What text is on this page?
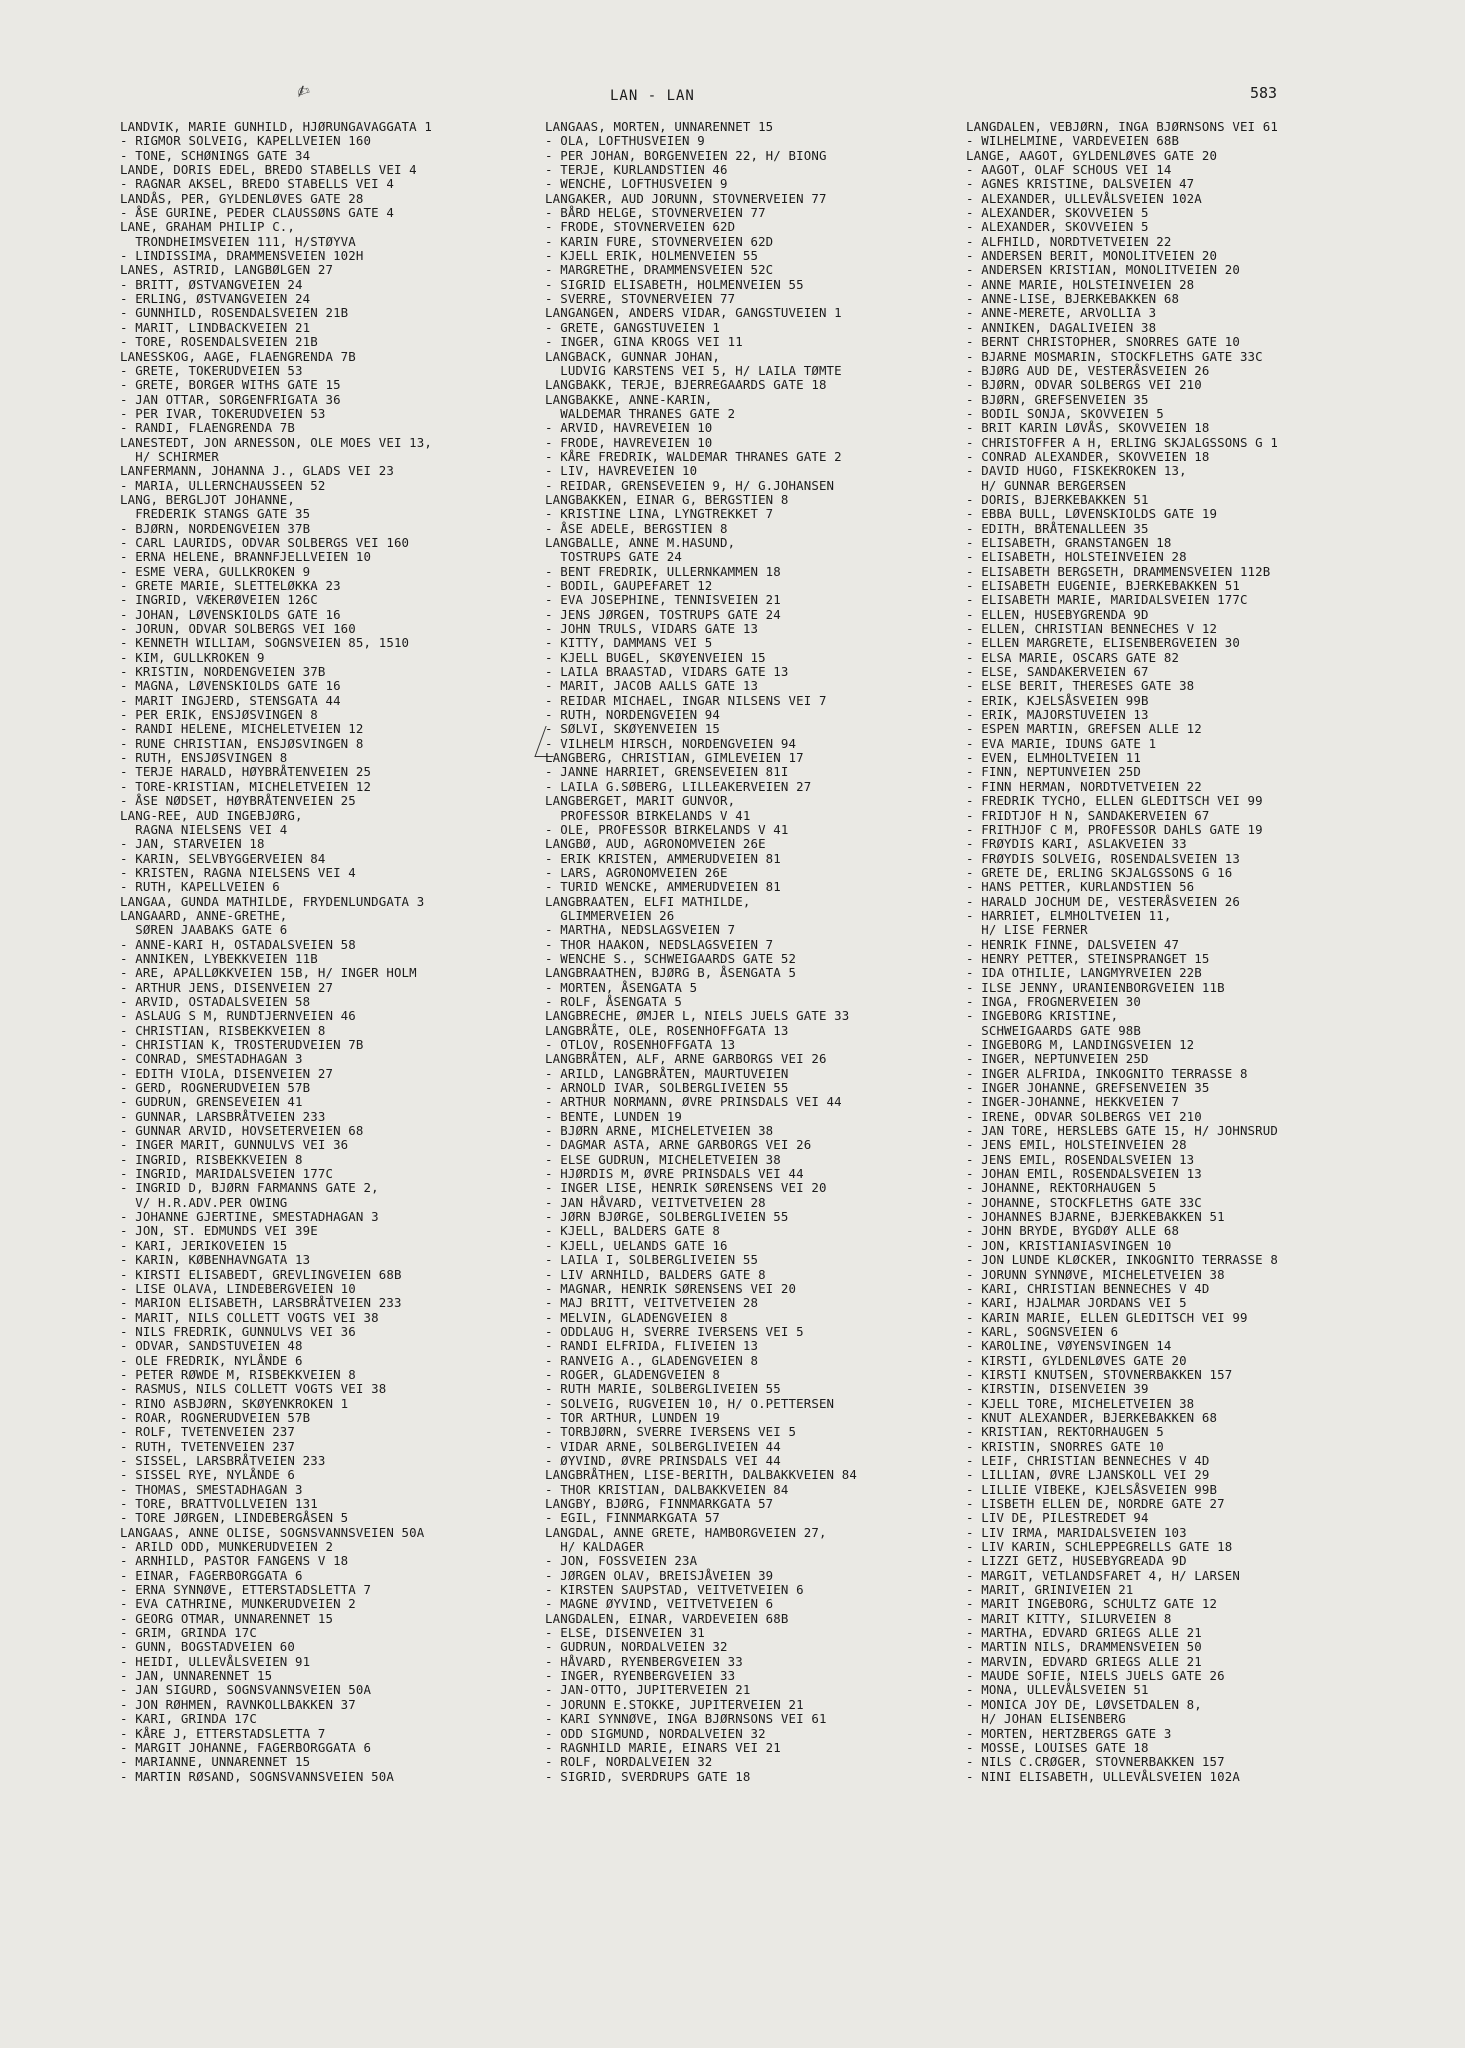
✍	LAN - LAN	583
LANDVIK, MARIE GUNHILD, HJØRUNGAVAGGATA 1
- RIGMOR SOLVEIG, KAPELLVEIEN 160
- TONE, SCHØNINGS GATE 34
LANDE, DORIS EDEL, BREDO STABELLS VEI 4
- RAGNAR AKSEL, BREDO STABELLS VEI 4
LANDÅS, PER, GYLDENLØVES GATE 28
- ÅSE GURINE, PEDER CLAUSSØNS GATE 4
LANE, GRAHAM PHILIP C.,
TRONDHEIMSVEIEN 111, H/STØYVA
- LINDISSIMA, DRAMMENSVEIEN 102H
LANES, ASTRID, LANGBØLGEN 27
- BRITT, ØSTVANGVEIEN 24
- ERLING, ØSTVANGVEIEN 24
- GUNNHILD, ROSENDALSVEIEN 21B
- MARIT, LINDBACKVEIEN 21
- TORE, ROSENDALSVEIEN 21B
LANESSKOG, AAGE, FLAENGRENDA 7B
- GRETE, TOKERUDVEIEN 53
- GRETE, BORGER WITHS GATE 15
- JAN OTTAR, SORGENFRIGATA 36
- PER IVAR, TOKERUDVEIEN 53
- RANDI, FLAENGRENDA 7B
LANESTEDT, JON ARNESSON, OLE MOES VEI 13,
H/ SCHIRMER
LANFERMANN, JOHANNA J., GLADS VEI 23
- MARIA, ULLERNCHAUSSEEN 52
LANG, BERGLJOT JOHANNE,
FREDERIK STANGS GATE 35
- BJØRN, NORDENGVEIEN 37B
- CARL LAURIDS, ODVAR SOLBERGS VEI 160
- ERNA HELENE, BRANNFJELLVEIEN 10
- ESME VERA, GULLKROKEN 9
- GRETE MARIE, SLETTELØKKA 23
- INGRID, VÆKERØVEIEN 126C
- JOHAN, LØVENSKIOLDS GATE 16
- JORUN, ODVAR SOLBERGS VEI 160
- KENNETH WILLIAM, SOGNSVEIEN 85, 1510
- KIM, GULLKROKEN 9
- KRISTIN, NORDENGVEIEN 37B
- MAGNA, LØVENSKIOLDS GATE 16
- MARIT INGJERD, STENSGATA 44
- PER ERIK, ENSJØSVINGEN 8
- RANDI HELENE, MICHELETVEIEN 12
- RUNE CHRISTIAN, ENSJØSVINGEN 8
- RUTH, ENSJØSVINGEN 8
- TERJE HARALD, HØYBRÅTENVEIEN 25
- TORE-KRISTIAN, MICHELETVEIEN 12
- ÅSE NØDSET, HØYBRÅTENVEIEN 25
LANG-REE, AUD INGEBJØRG,
RAGNA NIELSENS VEI 4
- JAN, STARVEIEN 18
- KARIN, SELVBYGGERVEIEN 84
- KRISTEN, RAGNA NIELSENS VEI 4
- RUTH, KAPELLVEIEN 6
LANGAA, GUNDA MATHILDE, FRYDENLUNDGATA 3
LANGAARD, ANNE-GRETHE,
SØREN JAABAKS GATE 6
- ANNE-KARI H, OSTADALSVEIEN 58
- ANNIKEN, LYBEKKVEIEN 11B
- ARE, APALLØKKVEIEN 15B, H/ INGER HOLM
- ARTHUR JENS, DISENVEIEN 27
- ARVID, OSTADALSVEIEN 58
- ASLAUG S M, RUNDTJERNVEIEN 46
- CHRISTIAN, RISBEKKVEIEN 8
- CHRISTIAN K, TROSTERUDVEIEN 7B
- CONRAD, SMESTADHAGAN 3
- EDITH VIOLA, DISENVEIEN 27
- GERD, ROGNERUDVEIEN 57B
- GUDRUN, GRENSEVEIEN 41
- GUNNAR, LARSBRÅTVEIEN 233
- GUNNAR ARVID, HOVSETERVEIEN 68
- INGER MARIT, GUNNULVS VEI 36
- INGRID, RISBEKKVEIEN 8
- INGRID, MARIDALSVEIEN 177C
- INGRID D, BJØRN FARMANNS GATE 2,
V/ H.R.ADV.PER OWING
- JOHANNE GJERTINE, SMESTADHAGAN 3
- JON, ST. EDMUNDS VEI 39E
- KARI, JERIKOVEIEN 15
- KARIN, KØBENHAVNGATA 13
- KIRSTI ELISABEDT, GREVLINGVEIEN 68B
- LISE OLAVA, LINDEBERGVEIEN 10
- MARION ELISABETH, LARSBRÅTVEIEN 233
- MARIT, NILS COLLETT VOGTS VEI 38
- NILS FREDRIK, GUNNULVS VEI 36
- ODVAR, SANDSTUVEIEN 48
- OLE FREDRIK, NYLÅNDE 6
- PETER RØWDE M, RISBEKKVEIEN 8
- RASMUS, NILS COLLETT VOGTS VEI 38
- RINO ASBJØRN, SKØYENKROKEN 1
- ROAR, ROGNERUDVEIEN 57B
- ROLF, TVETENVEIEN 237
- RUTH, TVETENVEIEN 237
- SISSEL, LARSBRÅTVEIEN 233
- SISSEL RYE, NYLÅNDE 6
- THOMAS, SMESTADHAGAN 3
- TORE, BRATTVOLLVEIEN 131
- TORE JØRGEN, LINDEBERGÅSEN 5
LANGAAS, ANNE OLISE, SOGNSVANNSVEIEN 50A
- ARILD ODD, MUNKERUDVEIEN 2
- ARNHILD, PASTOR FANGENS V 18
- EINAR, FAGERBORGGATA 6
- ERNA SYNNØVE, ETTERSTADSLETTA 7
- EVA CATHRINE, MUNKERUDVEIEN 2
- GEORG OTMAR, UNNARENNET 15
- GRIM, GRINDA 17C
- GUNN, BOGSTADVEIEN 60
- HEIDI, ULLEVÅLSVEIEN 91
- JAN, UNNARENNET 15
- JAN SIGURD, SOGNSVANNSVEIEN 50A
- JON RØHMEN, RAVNKOLLBAKKEN 37
- KARI, GRINDA 17C
- KÅRE J, ETTERSTADSLETTA 7
- MARGIT JOHANNE, FAGERBORGGATA 6
- MARIANNE, UNNARENNET 15
- MARTIN RØSAND, SOGNSVANNSVEIEN 50A
LANGAAS, MORTEN, UNNARENNET 15
- OLA, LOFTHUSVEIEN 9
- PER JOHAN, BORGENVEIEN 22, H/ BIONG
- TERJE, KURLANDSTIEN 46
- WENCHE, LOFTHUSVEIEN 9
LANGAKER, AUD JORUNN, STOVNERVEIEN 77
- BÅRD HELGE, STOVNERVEIEN 77
- FRODE, STOVNERVEIEN 62D
- KARIN FURE, STOVNERVEIEN 62D
- KJELL ERIK, HOLMENVEIEN 55
- MARGRETHE, DRAMMENSVEIEN 52C
- SIGRID ELISABETH, HOLMENVEIEN 55
- SVERRE, STOVNERVEIEN 77
LANGANGEN, ANDERS VIDAR, GANGSTUVEIEN 1
- GRETE, GANGSTUVEIEN 1
- INGER, GINA KROGS VEI 11
LANGBACK, GUNNAR JOHAN,
LUDVIG KARSTENS VEI 5, H/ LAILA TØMTE
LANGBAKK, TERJE, BJERREGAARDS GATE 18
LANGBAKKE, ANNE-KARIN,
WALDEMAR THRANES GATE 2
- ARVID, HAVREVEIEN 10
- FRODE, HAVREVEIEN 10
- KÅRE FREDRIK, WALDEMAR THRANES GATE 2
- LIV, HAVREVEIEN 10
- REIDAR, GRENSEVEIEN 9, H/ G.JOHANSEN
LANGBAKKEN, EINAR G, BERGSTIEN 8
- KRISTINE LINA, LYNGTREKKET 7
- ÅSE ADELE, BERGSTIEN 8
LANGBALLE, ANNE M.HASUND,
TOSTRUPS GATE 24
- BENT FREDRIK, ULLERNKAMMEN 18
- BODIL, GAUPEFARET 12
- EVA JOSEPHINE, TENNISVEIEN 21
- JENS JØRGEN, TOSTRUPS GATE 24
- JOHN TRULS, VIDARS GATE 13
- KITTY, DAMMANS VEI 5
- KJELL BUGEL, SKØYENVEIEN 15
- LAILA BRAASTAD, VIDARS GATE 13
- MARIT, JACOB AALLS GATE 13
- REIDAR MICHAEL, INGAR NILSENS VEI 7
- RUTH, NORDENGVEIEN 94
- SØLVI, SKØYENVEIEN 15
- VILHELM HIRSCH, NORDENGVEIEN 94
LANGBERG, CHRISTIAN, GIMLEVEIEN 17
- JANNE HARRIET, GRENSEVEIEN 81I
- LAILA G.SØBERG, LILLEAKERVEIEN 27
LANGBERGET, MARIT GUNVOR,
PROFESSOR BIRKELANDS V 41
- OLE, PROFESSOR BIRKELANDS V 41
LANGBØ, AUD, AGRONOMVEIEN 26E
- ERIK KRISTEN, AMMERUDVEIEN 81
- LARS, AGRONOMVEIEN 26E
- TURID WENCKE, AMMERUDVEIEN 81
LANGBRAATEN, ELFI MATHILDE,
GLIMMERVEIEN 26
- MARTHA, NEDSLAGSVEIEN 7
- THOR HAAKON, NEDSLAGSVEIEN 7
- WENCHE S., SCHWEIGAARDS GATE 52
LANGBRAATHEN, BJØRG B, ÅSENGATA 5
- MORTEN, ÅSENGATA 5
- ROLF, ÅSENGATA 5
LANGBRECHE, ØMJER L, NIELS JUELS GATE 33
LANGBRÅTE, OLE, ROSENHOFFGATA 13
- OTLOV, ROSENHOFFGATA 13
LANGBRÅTEN, ALF, ARNE GARBORGS VEI 26
- ARILD, LANGBRÅTEN, MAURTUVEIEN
- ARNOLD IVAR, SOLBERGLIVEIEN 55
- ARTHUR NORMANN, ØVRE PRINSDALS VEI 44
- BENTE, LUNDEN 19
- BJØRN ARNE, MICHELETVEIEN 38
- DAGMAR ASTA, ARNE GARBORGS VEI 26
- ELSE GUDRUN, MICHELETVEIEN 38
- HJØRDIS M, ØVRE PRINSDALS VEI 44
- INGER LISE, HENRIK SØRENSENS VEI 20
- JAN HÅVARD, VEITVETVEIEN 28
- JØRN BJØRGE, SOLBERGLIVEIEN 55
- KJELL, BALDERS GATE 8
- KJELL, UELANDS GATE 16
- LAILA I, SOLBERGLIVEIEN 55
- LIV ARNHILD, BALDERS GATE 8
- MAGNAR, HENRIK SØRENSENS VEI 20
- MAJ BRITT, VEITVETVEIEN 28
- MELVIN, GLADENGVEIEN 8
- ODDLAUG H, SVERRE IVERSENS VEI 5
- RANDI ELFRIDA, FLIVEIEN 13
- RANVEIG A., GLADENGVEIEN 8
- ROGER, GLADENGVEIEN 8
- RUTH MARIE, SOLBERGLIVEIEN 55
- SOLVEIG, RUGVEIEN 10, H/ O.PETTERSEN
- TOR ARTHUR, LUNDEN 19
- TORBJØRN, SVERRE IVERSENS VEI 5
- VIDAR ARNE, SOLBERGLIVEIEN 44
- ØYVIND, ØVRE PRINSDALS VEI 44
LANGBRÅTHEN, LISE-BERITH, DALBAKKVEIEN 84
- THOR KRISTIAN, DALBAKKVEIEN 84
LANGBY, BJØRG, FINNMARKGATA 57
- EGIL, FINNMARKGATA 57
LANGDAL, ANNE GRETE, HAMBORGVEIEN 27,
H/ KALDAGER
- JON, FOSSVEIEN 23A
- JØRGEN OLAV, BREISJÅVEIEN 39
- KIRSTEN SAUPSTAD, VEITVETVEIEN 6
- MAGNE ØYVIND, VEITVETVEIEN 6
LANGDALEN, EINAR, VARDEVEIEN 68B
- ELSE, DISENVEIEN 31
- GUDRUN, NORDALVEIEN 32
- HÅVARD, RYENBERGVEIEN 33
- INGER, RYENBERGVEIEN 33
- JAN-OTTO, JUPITERVEIEN 21
- JORUNN E.STOKKE, JUPITERVEIEN 21
- KARI SYNNØVE, INGA BJØRNSONS VEI 61
- ODD SIGMUND, NORDALVEIEN 32
- RAGNHILD MARIE, EINARS VEI 21
- ROLF, NORDALVEIEN 32
- SIGRID, SVERDRUPS GATE 18
LANGDALEN, VEBJØRN, INGA BJØRNSONS VEI 61
- WILHELMINE, VARDEVEIEN 68B
LANGE, AAGOT, GYLDENLØVES GATE 20
- AAGOT, OLAF SCHOUS VEI 14
- AGNES KRISTINE, DALSVEIEN 47
- ALEXANDER, ULLEVÅLSVEIEN 102A
- ALEXANDER, SKOVVEIEN 5
- ALEXANDER, SKOVVEIEN 5
- ALFHILD, NORDTVETVEIEN 22
- ANDERSEN BERIT, MONOLITVEIEN 20
- ANDERSEN KRISTIAN, MONOLITVEIEN 20
- ANNE MARIE, HOLSTEINVEIEN 28
- ANNE-LISE, BJERKEBAKKEN 68
- ANNE-MERETE, ARVOLLIA 3
- ANNIKEN, DAGALIVEIEN 38
- BERNT CHRISTOPHER, SNORRES GATE 10
- BJARNE MOSMARIN, STOCKFLETHS GATE 33C
- BJØRG AUD DE, VESTERÅSVEIEN 26
- BJØRN, ODVAR SOLBERGS VEI 210
- BJØRN, GREFSENVEIEN 35
- BODIL SONJA, SKOVVEIEN 5
- BRIT KARIN LØVÅS, SKOVVEIEN 18
- CHRISTOFFER A H, ERLING SKJALGSSONS G 1
- CONRAD ALEXANDER, SKOVVEIEN 18
- DAVID HUGO, FISKEKROKEN 13,
H/ GUNNAR BERGERSEN
- DORIS, BJERKEBAKKEN 51
- EBBA BULL, LØVENSKIOLDS GATE 19
- EDITH, BRÅTENALLEEN 35
- ELISABETH, GRANSTANGEN 18
- ELISABETH, HOLSTEINVEIEN 28
- ELISABETH BERGSETH, DRAMMENSVEIEN 112B
- ELISABETH EUGENIE, BJERKEBAKKEN 51
- ELISABETH MARIE, MARIDALSVEIEN 177C
- ELLEN, HUSEBYGRENDA 9D
- ELLEN, CHRISTIAN BENNECHES V 12
- ELLEN MARGRETE, ELISENBERGVEIEN 30
- ELSA MARIE, OSCARS GATE 82
- ELSE, SANDAKERVEIEN 67
- ELSE BERIT, THERESES GATE 38
- ERIK, KJELSÅSVEIEN 99B
- ERIK, MAJORSTUVEIEN 13
- ESPEN MARTIN, GREFSEN ALLE 12
- EVA MARIE, IDUNS GATE 1
- EVEN, ELMHOLTVEIEN 11
- FINN, NEPTUNVEIEN 25D
- FINN HERMAN, NORDTVETVEIEN 22
- FREDRIK TYCHO, ELLEN GLEDITSCH VEI 99
- FRIDTJOF H N, SANDAKERVEIEN 67
- FRITHJOF C M, PROFESSOR DAHLS GATE 19
- FRØYDIS KARI, ASLAKVEIEN 33
- FRØYDIS SOLVEIG, ROSENDALSVEIEN 13
- GRETE DE, ERLING SKJALGSSONS G 16
- HANS PETTER, KURLANDSTIEN 56
- HARALD JOCHUM DE, VESTERÅSVEIEN 26
- HARRIET, ELMHOLTVEIEN 11,
H/ LISE FERNER
- HENRIK FINNE, DALSVEIEN 47
- HENRY PETTER, STEINSPRANGET 15
- IDA OTHILIE, LANGMYRVEIEN 22B
- ILSE JENNY, URANIENBORGVEIEN 11B
- INGA, FROGNERVEIEN 30
- INGEBORG KRISTINE,
SCHWEIGAARDS GATE 98B
- INGEBORG M, LANDINGSVEIEN 12
- INGER, NEPTUNVEIEN 25D
- INGER ALFRIDA, INKOGNITO TERRASSE 8
- INGER JOHANNE, GREFSENVEIEN 35
- INGER-JOHANNE, HEKKVEIEN 7
- IRENE, ODVAR SOLBERGS VEI 210
- JAN TORE, HERSLEBS GATE 15, H/ JOHNSRUD
- JENS EMIL, HOLSTEINVEIEN 28
- JENS EMIL, ROSENDALSVEIEN 13
- JOHAN EMIL, ROSENDALSVEIEN 13
- JOHANNE, REKTORHAUGEN 5
- JOHANNE, STOCKFLETHS GATE 33C
- JOHANNES BJARNE, BJERKEBAKKEN 51
- JOHN BRYDE, BYGDØY ALLE 68
- JON, KRISTIANIASVINGEN 10
- JON LUNDE KLØCKER, INKOGNITO TERRASSE 8
- JORUNN SYNNØVE, MICHELETVEIEN 38
- KARI, CHRISTIAN BENNECHES V 4D
- KARI, HJALMAR JORDANS VEI 5
- KARIN MARIE, ELLEN GLEDITSCH VEI 99
- KARL, SOGNSVEIEN 6
- KAROLINE, VØYENSVINGEN 14
- KIRSTI, GYLDENLØVES GATE 20
- KIRSTI KNUTSEN, STOVNERBAKKEN 157
- KIRSTIN, DISENVEIEN 39
- KJELL TORE, MICHELETVEIEN 38
- KNUT ALEXANDER, BJERKEBAKKEN 68
- KRISTIAN, REKTORHAUGEN 5
- KRISTIN, SNORRES GATE 10
- LEIF, CHRISTIAN BENNECHES V 4D
- LILLIAN, ØVRE LJANSKOLL VEI 29
- LILLIE VIBEKE, KJELSÅSVEIEN 99B
- LISBETH ELLEN DE, NORDRE GATE 27
- LIV DE, PILESTREDET 94
- LIV IRMA, MARIDALSVEIEN 103
- LIV KARIN, SCHLEPPEGRELLS GATE 18
- LIZZI GETZ, HUSEBYGREADA 9D
- MARGIT, VETLANDSFAREТ 4, H/ LARSEN
- MARIT, GRINIVEIEN 21
- MARIT INGEBORG, SCHULTZ GATE 12
- MARIT KITTY, SILURVEIEN 8
- MARTHA, EDVARD GRIEGS ALLE 21
- MARTIN NILS, DRAMMENSVEIEN 50
- MARVIN, EDVARD GRIEGS ALLE 21
- MAUDE SOFIE, NIELS JUELS GATE 26
- MONA, ULLEVÅLSVEIEN 51
- MONICA JOY DE, LØVSETDALEN 8,
H/ JOHAN ELISENBERG
- MORTEN, HERTZBERGS GATE 3
- MOSSE, LOUISES GATE 18
- NILS C.CRØGER, STOVNERBAKKEN 157
- NINI ELISABETH, ULLEVÅLSVEIEN 102A
